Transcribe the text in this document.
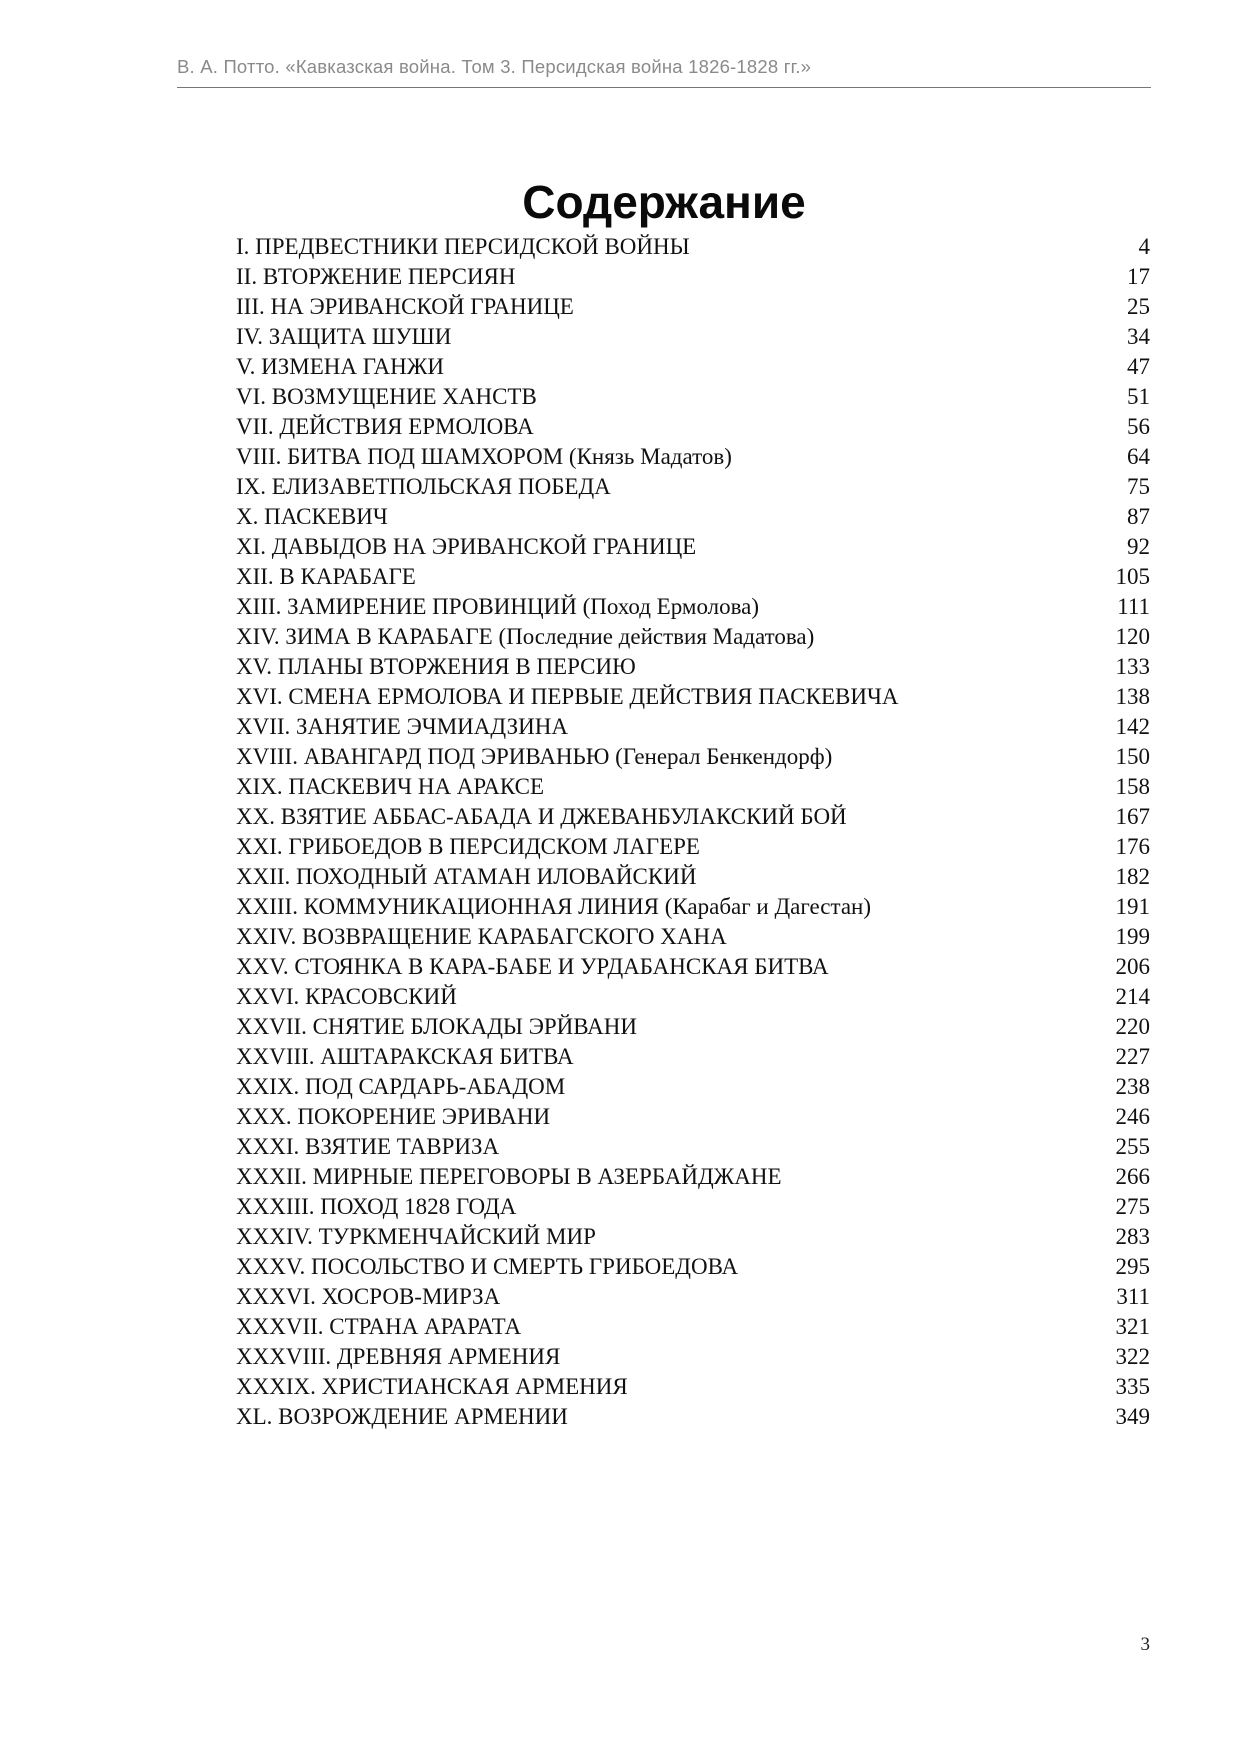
В. А. Потто. «Кавказская война. Том 3. Персидская война 1826-1828 гг.»
Содержание
I. ПРЕДВЕСТНИКИ ПЕРСИДСКОЙ ВОЙНЫ	4
II. ВТОРЖЕНИЕ ПЕРСИЯН	17
III. НА ЭРИВАНСКОЙ ГРАНИЦЕ	25
IV. ЗАЩИТА ШУШИ	34
V. ИЗМЕНА ГАНЖИ	47
VI. ВОЗМУЩЕНИЕ ХАНСТВ	51
VII. ДЕЙСТВИЯ ЕРМОЛОВА	56
VIII. БИТВА ПОД ШАМХОРОМ (Князь Мадатов)	64
IX. ЕЛИЗАВЕТПОЛЬСКАЯ ПОБЕДА	75
X. ПАСКЕВИЧ	87
XI. ДАВЫДОВ НА ЭРИВАНСКОЙ ГРАНИЦЕ	92
XII. В КАРАБАГЕ	105
XIII. ЗАМИРЕНИЕ ПРОВИНЦИЙ (Поход Ермолова)	111
XIV. ЗИМА В КАРАБАГЕ (Последние действия Мадатова)	120
XV. ПЛАНЫ ВТОРЖЕНИЯ В ПЕРСИЮ	133
XVI. СМЕНА ЕРМОЛОВА И ПЕРВЫЕ ДЕЙСТВИЯ ПАСКЕВИЧА	138
XVII. ЗАНЯТИЕ ЭЧМИАДЗИНА	142
XVIII. АВАНГАРД ПОД ЭРИВАНЬЮ (Генерал Бенкендорф)	150
XIX. ПАСКЕВИЧ НА АРАКСЕ	158
XX. ВЗЯТИЕ АББАС-АБАДА И ДЖЕВАНБУЛАКСКИЙ БОЙ	167
XXI. ГРИБОЕДОВ В ПЕРСИДСКОМ ЛАГЕРЕ	176
XXII. ПОХОДНЫЙ АТАМАН ИЛОВАЙСКИЙ	182
XXIII. КОММУНИКАЦИОННАЯ ЛИНИЯ (Карабаг и Дагестан)	191
XXIV. ВОЗВРАЩЕНИЕ КАРАБАГСКОГО ХАНА	199
XXV. СТОЯНКА В КАРА-БАБЕ И УРДАБАНСКАЯ БИТВА	206
XXVI. КРАСОВСКИЙ	214
XXVII. СНЯТИЕ БЛОКАДЫ ЭРЙВАНИ	220
XXVIII. АШТАРАКСКАЯ БИТВА	227
XXIX. ПОД САРДАРЬ-АБАДОМ	238
XXX. ПОКОРЕНИЕ ЭРИВАНИ	246
XXXI. ВЗЯТИЕ ТАВРИЗА	255
XXXII. МИРНЫЕ ПЕРЕГОВОРЫ В АЗЕРБАЙДЖАНЕ	266
XXXIII. ПОХОД 1828 ГОДА	275
XXXIV. ТУРКМЕНЧАЙСКИЙ МИР	283
XXXV. ПОСОЛЬСТВО И СМЕРТЬ ГРИБОЕДОВА	295
XXXVI. ХОСРОВ-МИРЗА	311
XXXVII. СТРАНА АРАРАТА	321
XXXVIII. ДРЕВНЯЯ АРМЕНИЯ	322
XXXIX. ХРИСТИАНСКАЯ АРМЕНИЯ	335
XL. ВОЗРОЖДЕНИЕ АРМЕНИИ	349
3
